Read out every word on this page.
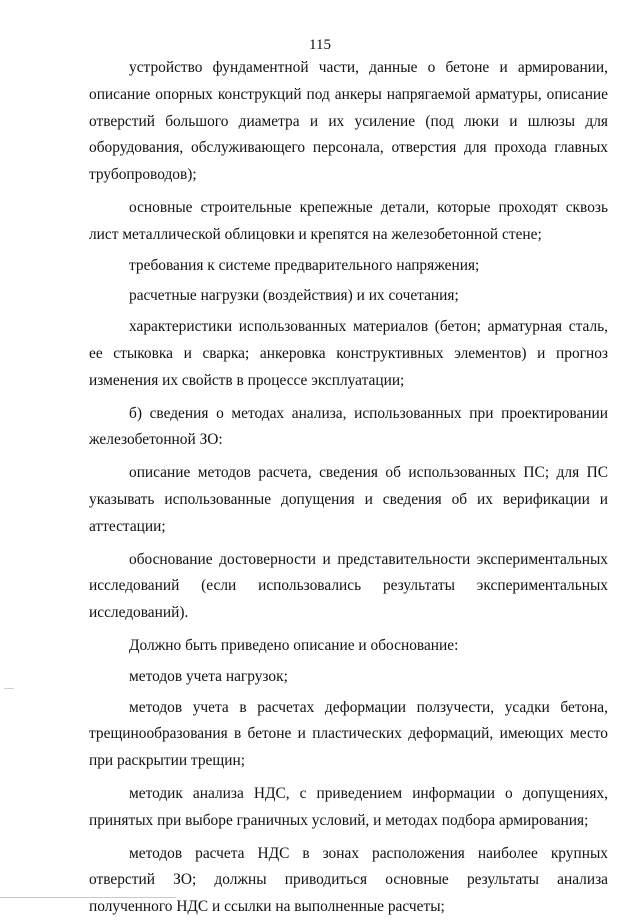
115

устройство фундаментной части, данные о бетоне и армировании, описание опорных конструкций под анкеры напрягаемой арматуры, описание отверстий большого диаметра и их усиление (под люки и шлюзы для оборудования, обслуживающего персонала, отверстия для прохода главных трубопроводов);

основные строительные крепежные детали, которые проходят сквозь лист металлической облицовки и крепятся на железобетонной стене;

требования к системе предварительного напряжения;

расчетные нагрузки (воздействия) и их сочетания;

характеристики использованных материалов (бетон; арматурная сталь, ее стыковка и сварка; анкеровка конструктивных элементов) и прогноз изменения их свойств в процессе эксплуатации;

б) сведения о методах анализа, использованных при проектировании железобетонной ЗО:

описание методов расчета, сведения об использованных ПС; для ПС указывать использованные допущения и сведения об их верификации и аттестации;

обоснование достоверности и представительности экспериментальных исследований (если использовались результаты экспериментальных исследований).

Должно быть приведено описание и обоснование:

методов учета нагрузок;

методов учета в расчетах деформации ползучести, усадки бетона, трещинообразования в бетоне и пластических деформаций, имеющих место при раскрытии трещин;

методик анализа НДС, с приведением информации о допущениях, принятых при выборе граничных условий, и методах подбора армирования;

методов расчета НДС в зонах расположения наиболее крупных отверстий ЗО; должны приводиться основные результаты анализа полученного НДС и ссылки на выполненные расчеты;
